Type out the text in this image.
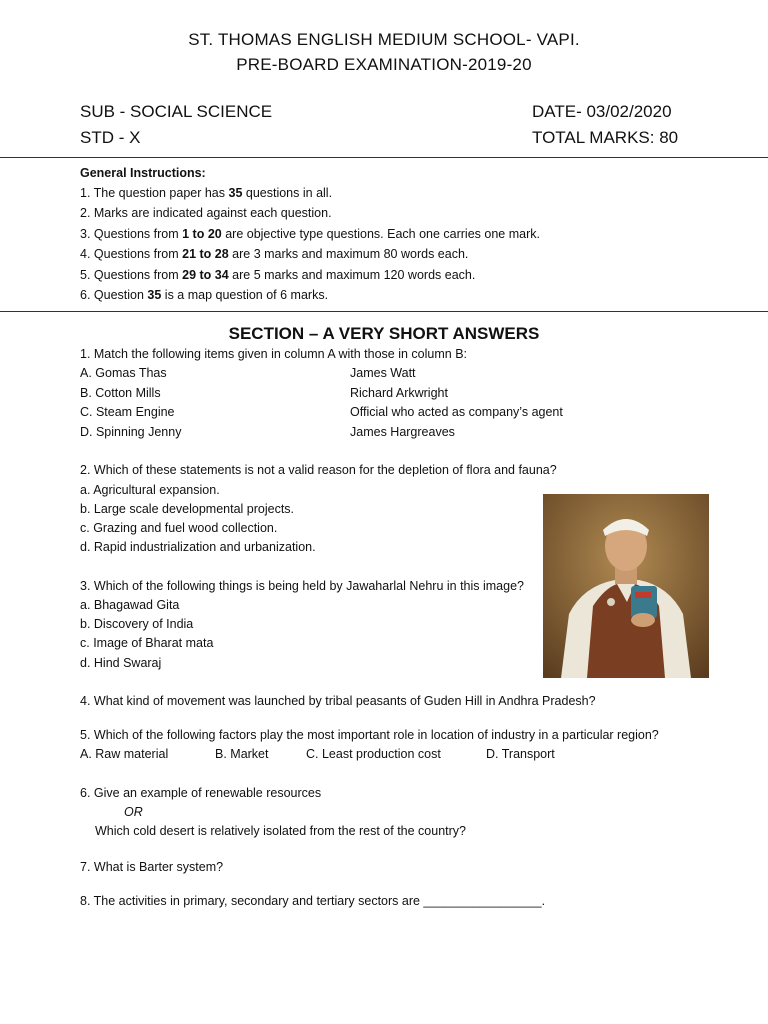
ST. THOMAS ENGLISH MEDIUM SCHOOL- VAPI.
PRE-BOARD EXAMINATION-2019-20
SUB - SOCIAL SCIENCE	DATE- 03/02/2020
STD - X	TOTAL MARKS: 80
General Instructions:
1. The question paper has 35 questions in all.
2. Marks are indicated against each question.
3. Questions from 1 to 20 are objective type questions. Each one carries one mark.
4. Questions from 21 to 28 are 3 marks and maximum 80 words each.
5. Questions from 29 to 34 are 5 marks and maximum 120 words each.
6. Question 35 is a map question of 6 marks.
SECTION – A VERY SHORT ANSWERS
1. Match the following items given in column A with those in column B:
A. Gomas Thas	James Watt
B. Cotton Mills	Richard Arkwright
C. Steam Engine	Official who acted as company’s agent
D. Spinning Jenny	James Hargreaves
2. Which of these statements is not a valid reason for the depletion of flora and fauna?
a. Agricultural expansion.
b. Large scale developmental projects.
c. Grazing and fuel wood collection.
d. Rapid industrialization and urbanization.
3. Which of the following things is being held by Jawaharlal Nehru in this image?
a. Bhagawad Gita
b. Discovery of India
c. Image of Bharat mata
d. Hind Swaraj
4. What kind of movement was launched by tribal peasants of Guden Hill in Andhra Pradesh?
5. Which of the following factors play the most important role in location of industry in a particular region?
A. Raw material	B. Market	C. Least production cost	D. Transport
6. Give an example of renewable resources
OR
Which cold desert is relatively isolated from the rest of the country?
7. What is Barter system?
8. The activities in primary, secondary and tertiary sectors are _________________.
